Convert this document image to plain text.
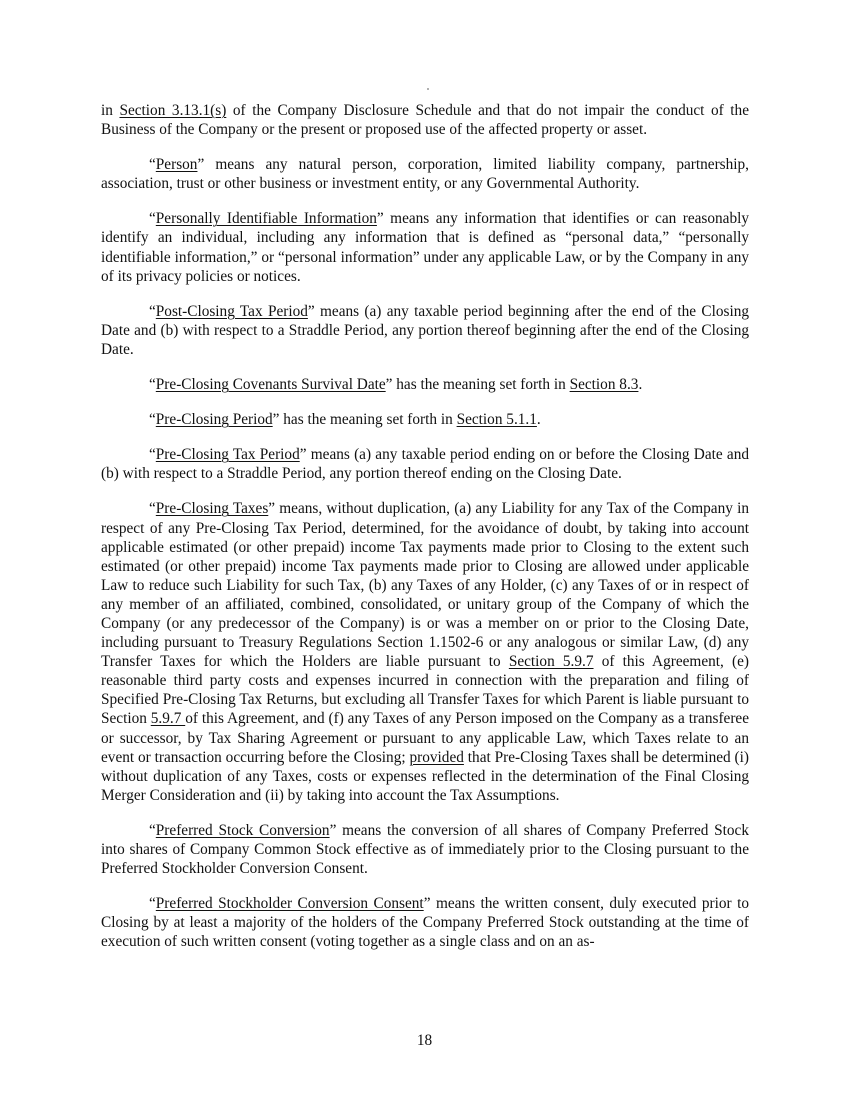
in Section 3.13.1(s) of the Company Disclosure Schedule and that do not impair the conduct of the Business of the Company or the present or proposed use of the affected property or asset.

“Person” means any natural person, corporation, limited liability company, partnership, association, trust or other business or investment entity, or any Governmental Authority.

“Personally Identifiable Information” means any information that identifies or can reasonably identify an individual, including any information that is defined as “personal data,” “personally identifiable information,” or “personal information” under any applicable Law, or by the Company in any of its privacy policies or notices.

“Post-Closing Tax Period” means (a) any taxable period beginning after the end of the Closing Date and (b) with respect to a Straddle Period, any portion thereof beginning after the end of the Closing Date.

“Pre-Closing Covenants Survival Date” has the meaning set forth in Section 8.3.

“Pre-Closing Period” has the meaning set forth in Section 5.1.1.

“Pre-Closing Tax Period” means (a) any taxable period ending on or before the Closing Date and (b) with respect to a Straddle Period, any portion thereof ending on the Closing Date.

“Pre-Closing Taxes” means, without duplication, (a) any Liability for any Tax of the Company in respect of any Pre-Closing Tax Period, determined, for the avoidance of doubt, by taking into account applicable estimated (or other prepaid) income Tax payments made prior to Closing to the extent such estimated (or other prepaid) income Tax payments made prior to Closing are allowed under applicable Law to reduce such Liability for such Tax, (b) any Taxes of any Holder, (c) any Taxes of or in respect of any member of an affiliated, combined, consolidated, or unitary group of the Company of which the Company (or any predecessor of the Company) is or was a member on or prior to the Closing Date, including pursuant to Treasury Regulations Section 1.1502-6 or any analogous or similar Law, (d) any Transfer Taxes for which the Holders are liable pursuant to Section 5.9.7 of this Agreement, (e) reasonable third party costs and expenses incurred in connection with the preparation and filing of Specified Pre-Closing Tax Returns, but excluding all Transfer Taxes for which Parent is liable pursuant to Section 5.9.7 of this Agreement, and (f) any Taxes of any Person imposed on the Company as a transferee or successor, by Tax Sharing Agreement or pursuant to any applicable Law, which Taxes relate to an event or transaction occurring before the Closing; provided that Pre-Closing Taxes shall be determined (i) without duplication of any Taxes, costs or expenses reflected in the determination of the Final Closing Merger Consideration and (ii) by taking into account the Tax Assumptions.

“Preferred Stock Conversion” means the conversion of all shares of Company Preferred Stock into shares of Company Common Stock effective as of immediately prior to the Closing pursuant to the Preferred Stockholder Conversion Consent.

“Preferred Stockholder Conversion Consent” means the written consent, duly executed prior to Closing by at least a majority of the holders of the Company Preferred Stock outstanding at the time of execution of such written consent (voting together as a single class and on an as-

18
